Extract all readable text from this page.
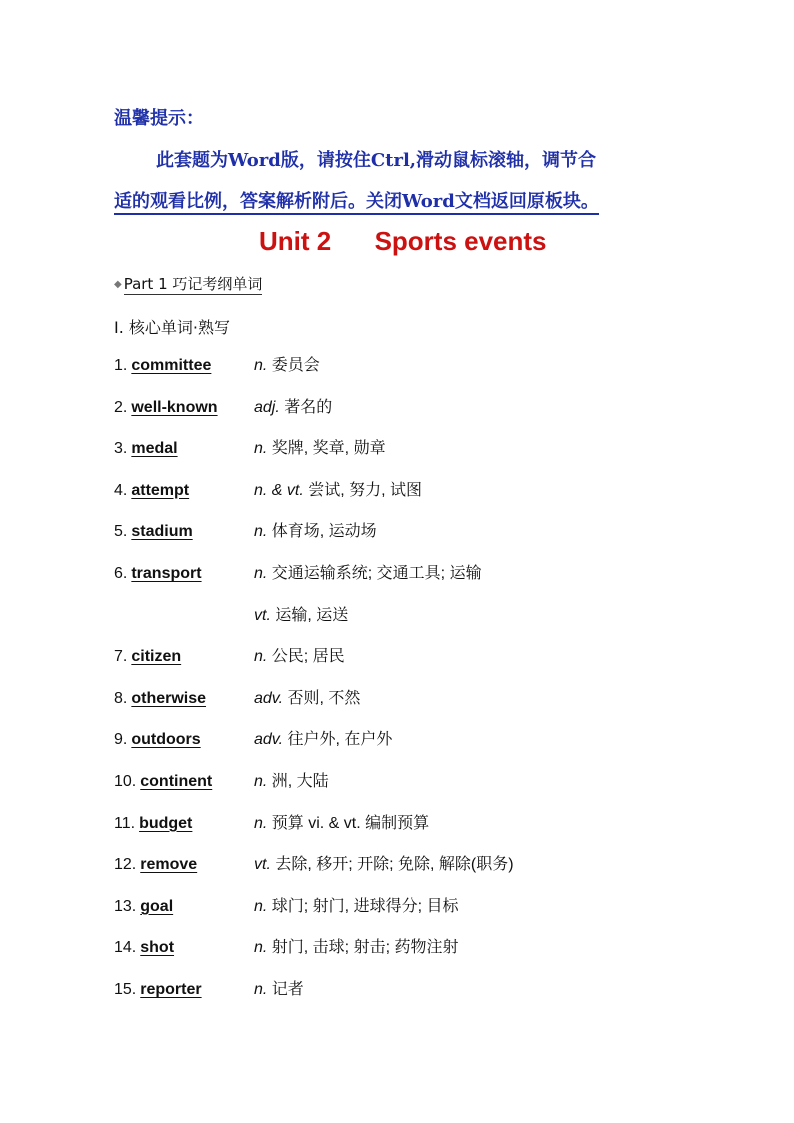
温馨提示：
此套题为Word版，请按住Ctrl,滑动鼠标滚轴，调节合
适的观看比例，答案解析附后。关闭Word文档返回原板块。
Unit 2      Sports events
◆ Part 1 巧记考纲单词
Ⅰ. 核心单词·熟写
1. committee	n. 委员会
2. well-known adj. 著名的
3. medal	n. 奖牌, 奖章, 勋章
4. attempt	n. & vt. 尝试, 努力, 试图
5. stadium	n. 体育场, 运动场
6. transport	n. 交通运输系统; 交通工具; 运输
vt. 运输, 运送
7. citizen	n. 公民; 居民
8. otherwise	adv. 否则, 不然
9. outdoors	adv. 往户外, 在户外
10. continent	n. 洲, 大陆
11. budget	n. 预算 vi. & vt. 编制预算
12. remove	vt. 去除, 移开; 开除; 免除, 解除(职务)
13. goal	n. 球门; 射门, 进球得分; 目标
14. shot	n. 射门, 击球; 射击; 药物注射
15. reporter	n. 记者
